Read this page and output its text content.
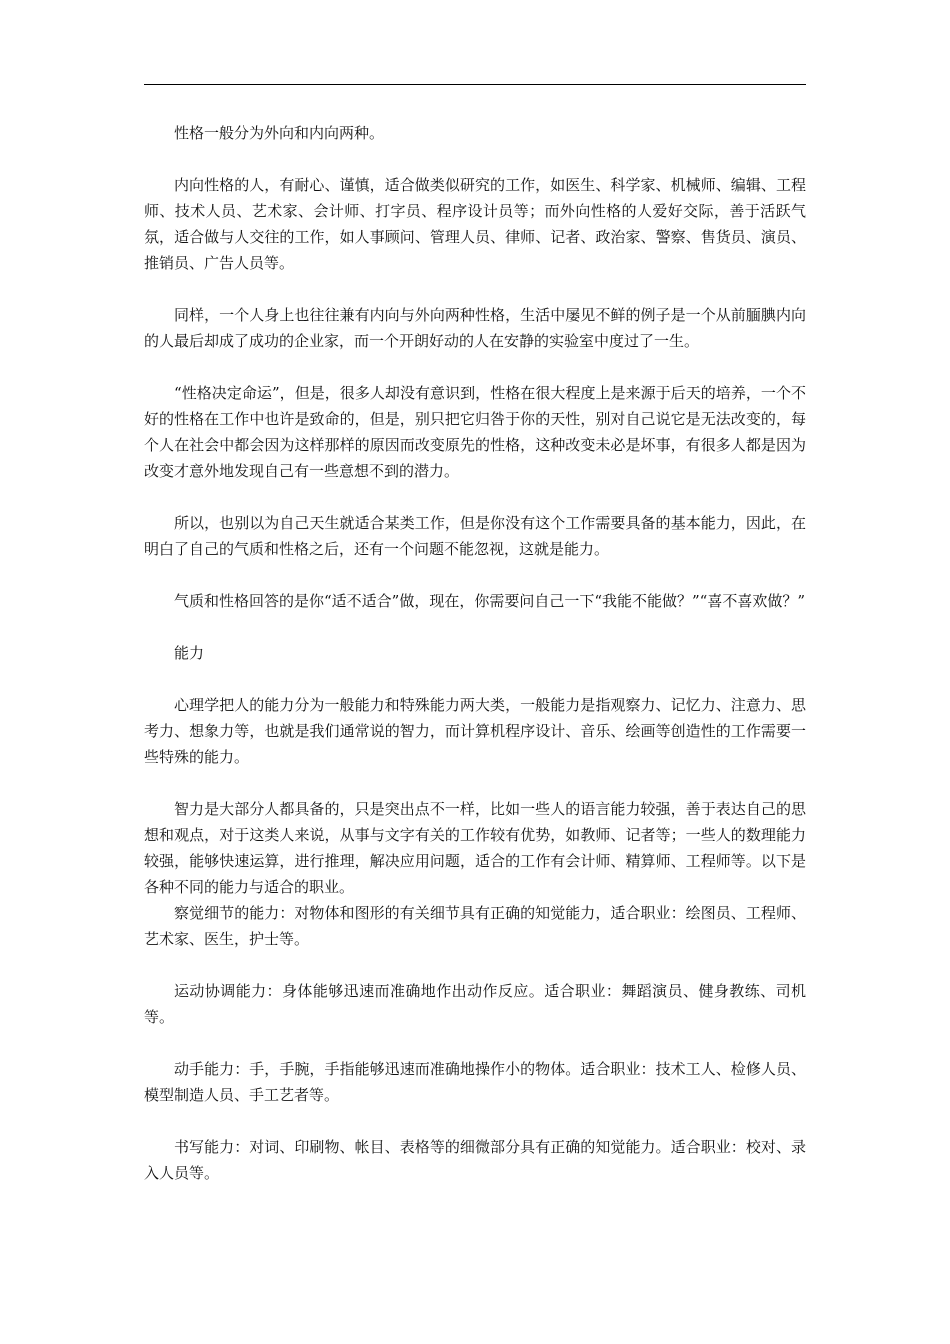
性格一般分为外向和内向两种。

内向性格的人，有耐心、谨慎，适合做类似研究的工作，如医生、科学家、机械师、编辑、工程师、技术人员、艺术家、会计师、打字员、程序设计员等；而外向性格的人爱好交际，善于活跃气氛，适合做与人交往的工作，如人事顾问、管理人员、律师、记者、政治家、警察、售货员、演员、推销员、广告人员等。

同样，一个人身上也往往兼有内向与外向两种性格，生活中屡见不鲜的例子是一个从前腼腆内向的人最后却成了成功的企业家，而一个开朗好动的人在安静的实验室中度过了一生。

“性格决定命运”，但是，很多人却没有意识到，性格在很大程度上是来源于后天的培养，一个不好的性格在工作中也许是致命的，但是，别只把它归咎于你的天性，别对自己说它是无法改变的，每个人在社会中都会因为这样那样的原因而改变原先的性格，这种改变未必是坏事，有很多人都是因为改变才意外地发现自己有一些意想不到的潜力。

所以，也别以为自己天生就适合某类工作，但是你没有这个工作需要具备的基本能力，因此，在明白了自己的气质和性格之后，还有一个问题不能忽视，这就是能力。

气质和性格回答的是你“适不适合”做，现在，你需要问自己一下“我能不能做？”“喜不喜欢做？”

能力

心理学把人的能力分为一般能力和特殊能力两大类，一般能力是指观察力、记忆力、注意力、思考力、想象力等，也就是我们通常说的智力，而计算机程序设计、音乐、绘画等创造性的工作需要一些特殊的能力。

智力是大部分人都具备的，只是突出点不一样，比如一些人的语言能力较强，善于表达自己的思想和观点，对于这类人来说，从事与文字有关的工作较有优势，如教师、记者等；一些人的数理能力较强，能够快速运算，进行推理，解决应用问题，适合的工作有会计师、精算师、工程师等。以下是各种不同的能力与适合的职业。

察觉细节的能力：对物体和图形的有关细节具有正确的知觉能力，适合职业：绘图员、工程师、艺术家、医生，护士等。

运动协调能力：身体能够迅速而准确地作出动作反应。适合职业：舞蹈演员、健身教练、司机等。

动手能力：手，手腕，手指能够迅速而准确地操作小的物体。适合职业：技术工人、检修人员、模型制造人员、手工艺者等。

书写能力：对词、印刷物、帐目、表格等的细微部分具有正确的知觉能力。适合职业：校对、录入人员等。
